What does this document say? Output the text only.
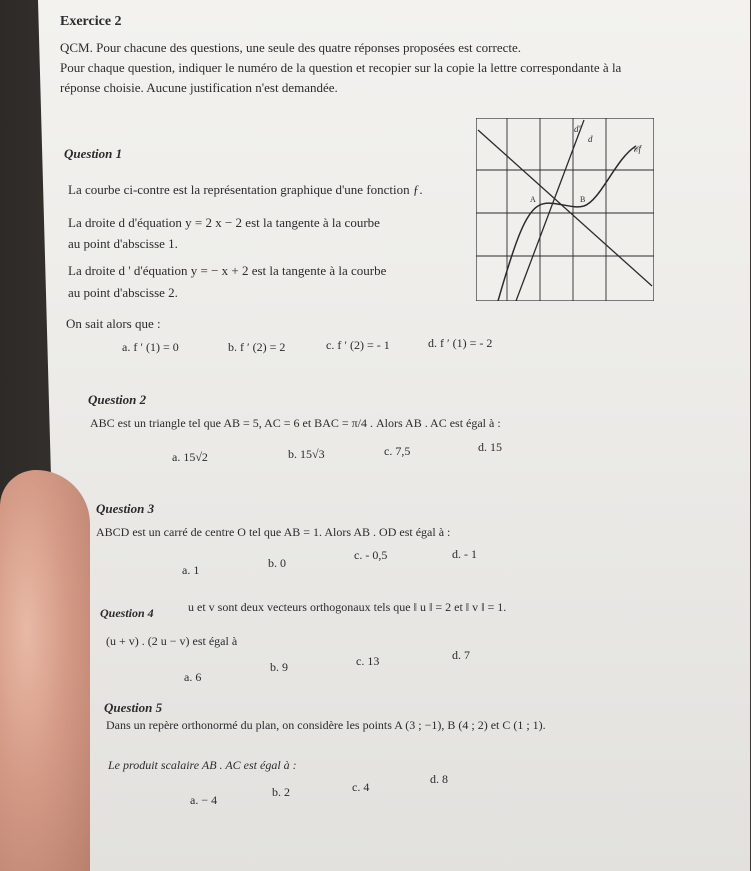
Exercice 2
QCM. Pour chacune des questions, une seule des quatre réponses proposées est correcte.
Pour chaque question, indiquer le numéro de la question et recopier sur la copie la lettre correspondante à la
réponse choisie. Aucune justification n'est demandée.
Question 1
La courbe ci-contre est la représentation graphique d'une fonction ƒ.
La droite d d'équation y = 2 x − 2 est la tangente à la courbe
au point d'abscisse 1.
La droite d ' d'équation y = − x + 2 est la tangente à la courbe
au point d'abscisse 2.
On sait alors que :
a. f ′ (1) = 0	b. f ′ (2) = 2	c. f ′ (2) = - 1	d. f ′ (1) = - 2
d'
d
𝒞f
A	B
Question 2
ABC est un triangle tel que AB = 5, AC = 6 et BAC = π/4 . Alors AB . AC est égal à :
a. 15√2	b. 15√3	c. 7,5	d. 15
Question 3
ABCD est un carré de centre O tel que AB = 1. Alors AB . OD est égal à :
a. 1	b. 0
c. - 0,5	d. - 1
Question 4	u et v sont deux vecteurs orthogonaux tels que ‖ u ‖ = 2 et ‖ v ‖ = 1.
(u + v) . (2 u − v) est égal à
a. 6
b. 9	c. 13	d. 7
Question 5
Dans un repère orthonormé du plan, on considère les points A (3 ; −1), B (4 ; 2) et C (1 ; 1).
Le produit scalaire AB . AC est égal à :
a. − 4
b. 2	c. 4
d. 8
